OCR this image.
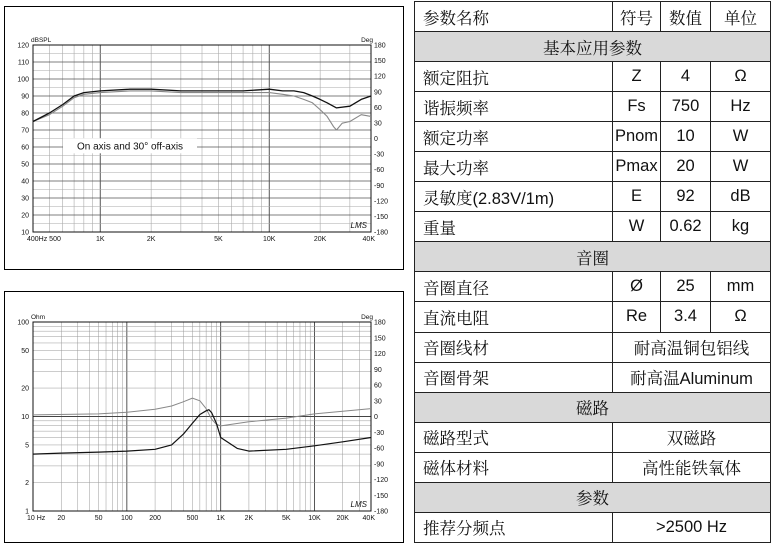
120
110
100
90
80
70
60
50
40
30
20
10
180
150
120
90
60
30
0
-30
-60
-90
-120
-150
-180
400Hz 500	1K	2K	5K	10K	20K	40K
dBSPL	Deg
LMS
On axis and 30° off-axis
100
50
20
10
5
2
1
180
150
120
90
60
30
0
-30
-60
-90
-120
-150
-180
10 Hz 20	50	100 200	500	1K	2K	5K	10K 20K 40K
Ohm	Deg
LMS
参数名称	符号	数值	单位
基本应用参数			
额定阻抗	Z	4	Ω
谐振频率	Fs	750	Hz
额定功率	Pnom	10	W
最大功率	Pmax	20	W
灵敏度(2.83V/1m)	E	92	dB
重量	W	0.62	kg
音圈			
音圈直径	Ø	25	mm
直流电阻	Re	3.4	Ω
音圈线材	耐高温铜包铝线		
音圈骨架	耐高温Aluminum		
磁路			
磁路型式	双磁路		
磁体材料	高性能铁氧体		
参数			
推荐分频点	>2500 Hz		
